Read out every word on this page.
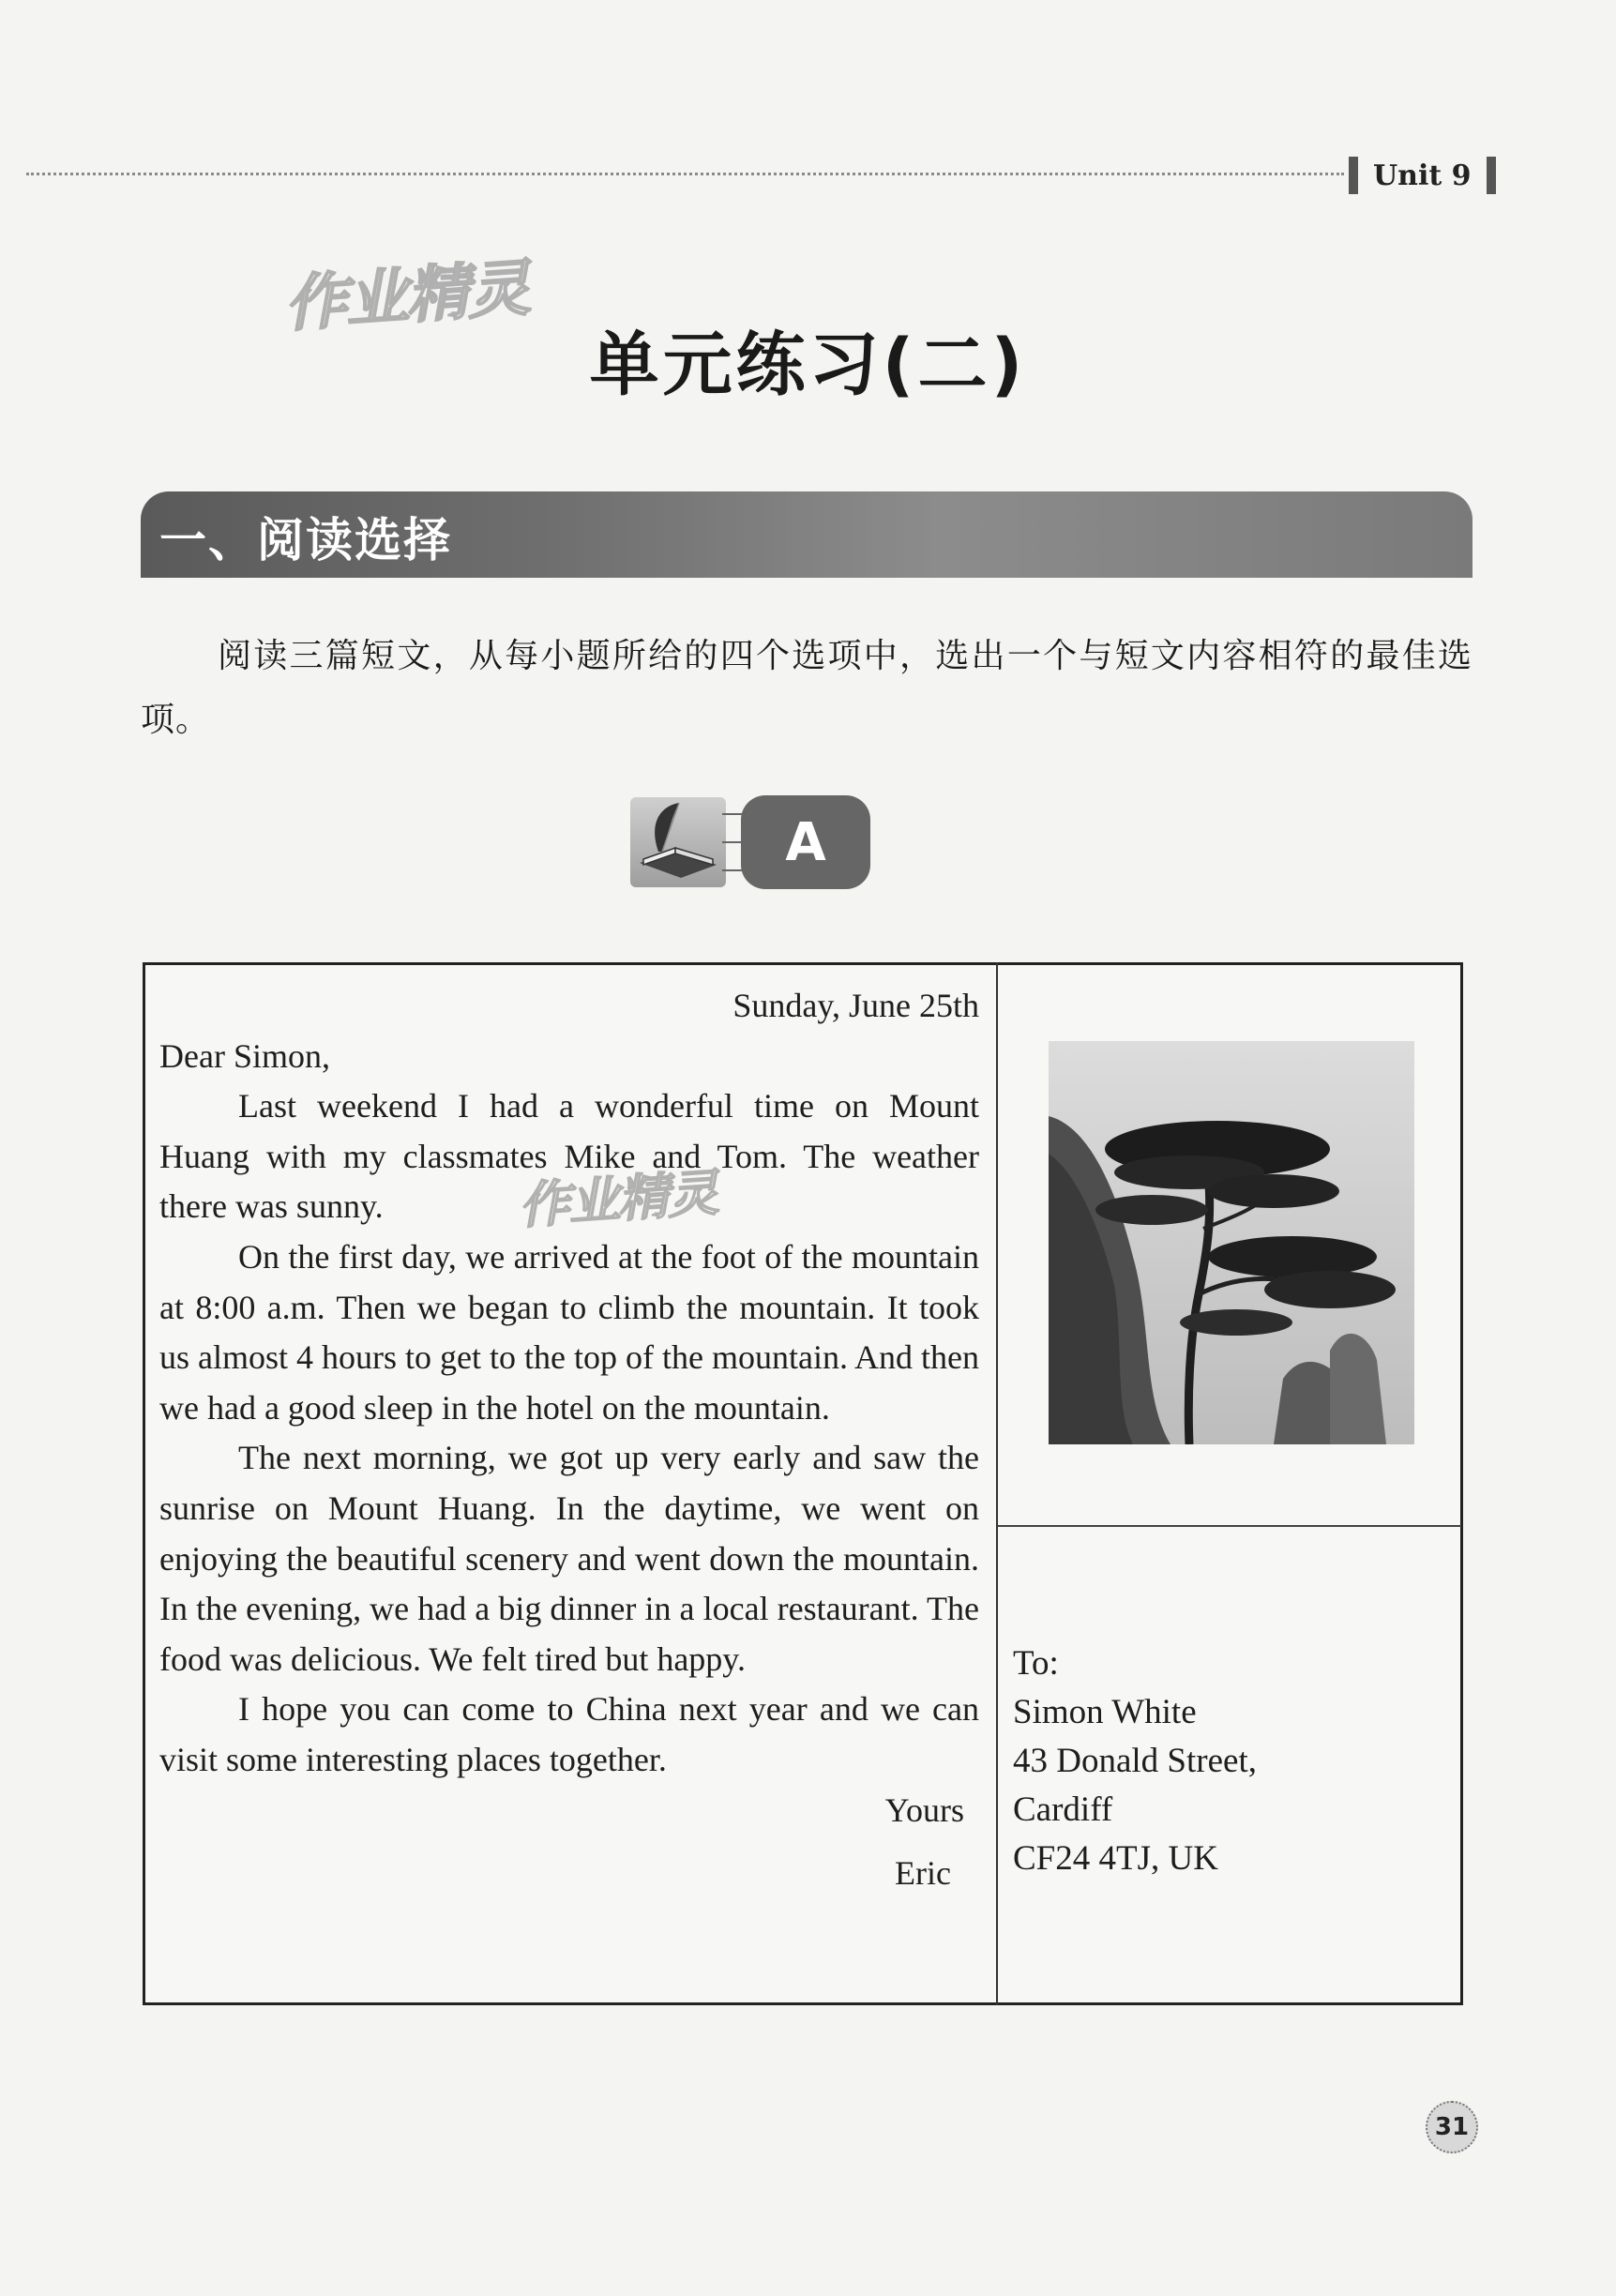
Unit 9
作业精灵
单元练习(二)
一、阅读选择
阅读三篇短文，从每小题所给的四个选项中，选出一个与短文内容相符的最佳选项。
A
Sunday, June 25th

Dear Simon,

Last weekend I had a wonderful time on Mount Huang with my classmates Mike and Tom. The weather there was sunny.

On the first day, we arrived at the foot of the mountain at 8:00 a.m. Then we began to climb the mountain. It took us almost 4 hours to get to the top of the mountain. And then we had a good sleep in the hotel on the mountain.

The next morning, we got up very early and saw the sunrise on Mount Huang. In the daytime, we went on enjoying the beautiful scenery and went down the mountain. In the evening, we had a big dinner in a local restaurant. The food was delicious. We felt tired but happy.

I hope you can come to China next year and we can visit some interesting places together.

Yours
Eric
作业精灵
To:
Simon White
43 Donald Street,
Cardiff
CF24 4TJ, UK
31
